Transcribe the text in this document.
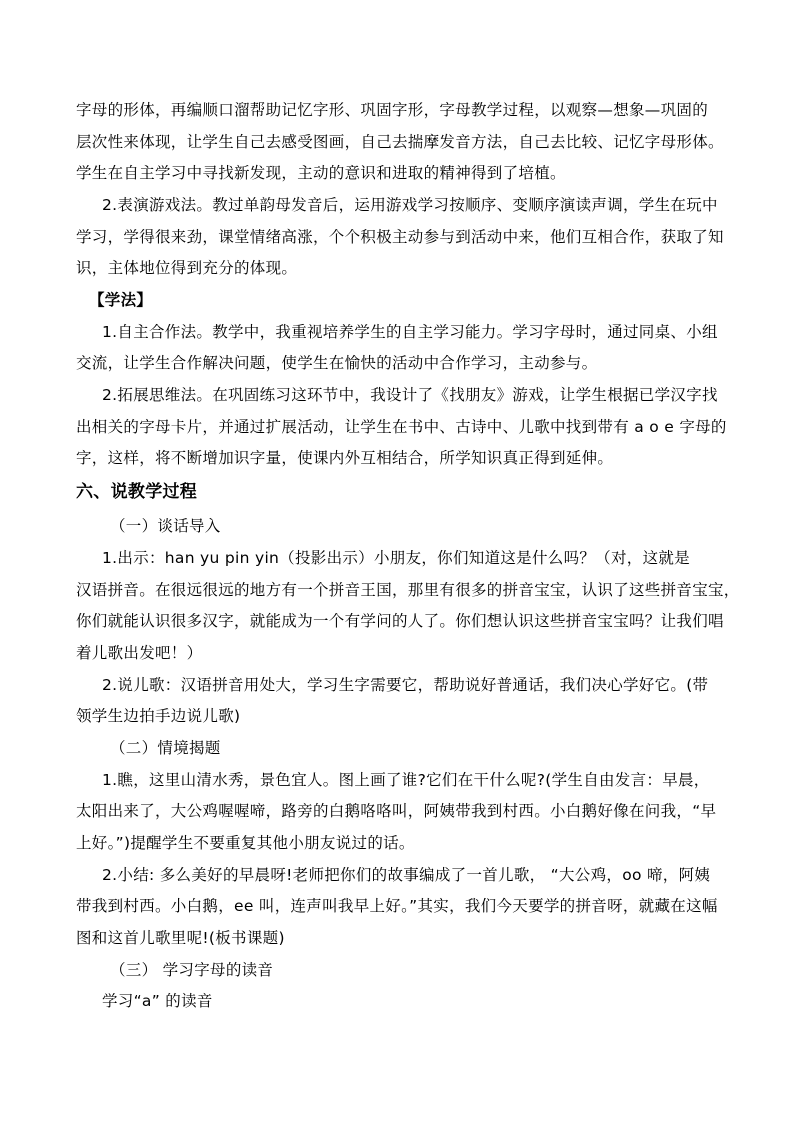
字母的形体，再编顺口溜帮助记忆字形、巩固字形，字母教学过程，以观察—想象—巩固的
层次性来体现，让学生自己去感受图画，自己去揣摩发音方法，自己去比较、记忆字母形体。
学生在自主学习中寻找新发现，主动的意识和进取的精神得到了培植。
2.表演游戏法。教过单韵母发音后，运用游戏学习按顺序、变顺序演读声调，学生在玩中
学习，学得很来劲，课堂情绪高涨，个个积极主动参与到活动中来，他们互相合作，获取了知
识，主体地位得到充分的体现。
【学法】
1.自主合作法。教学中，我重视培养学生的自主学习能力。学习字母时，通过同桌、小组
交流，让学生合作解决问题，使学生在愉快的活动中合作学习，主动参与。
2.拓展思维法。在巩固练习这环节中，我设计了《找朋友》游戏，让学生根据已学汉字找
出相关的字母卡片，并通过扩展活动，让学生在书中、古诗中、儿歌中找到带有 a o e 字母的
字，这样，将不断增加识字量，使课内外互相结合，所学知识真正得到延伸。
六、说教学过程
（一）谈话导入
1.出示：han yu pin yin（投影出示）小朋友，你们知道这是什么吗？（对，这就是
汉语拼音。在很远很远的地方有一个拼音王国，那里有很多的拼音宝宝，认识了这些拼音宝宝，
你们就能认识很多汉字，就能成为一个有学问的人了。你们想认识这些拼音宝宝吗？让我们唱
着儿歌出发吧！）
2.说儿歌：汉语拼音用处大，学习生字需要它，帮助说好普通话，我们决心学好它。(带
领学生边拍手边说儿歌)
（二）情境揭题
1.瞧，这里山清水秀，景色宜人。图上画了谁?它们在干什么呢?(学生自由发言：早晨，
太阳出来了，大公鸡喔喔啼，路旁的白鹅咯咯叫，阿姨带我到村西。小白鹅好像在问我，“早
上好。”)提醒学生不要重复其他小朋友说过的话。
2.小结: 多么美好的早晨呀!老师把你们的故事编成了一首儿歌， “大公鸡，oo 啼，阿姨
带我到村西。小白鹅，ee 叫，连声叫我早上好。”其实，我们今天要学的拼音呀，就藏在这幅
图和这首儿歌里呢!(板书课题)
（三） 学习字母的读音
学习“a” 的读音
